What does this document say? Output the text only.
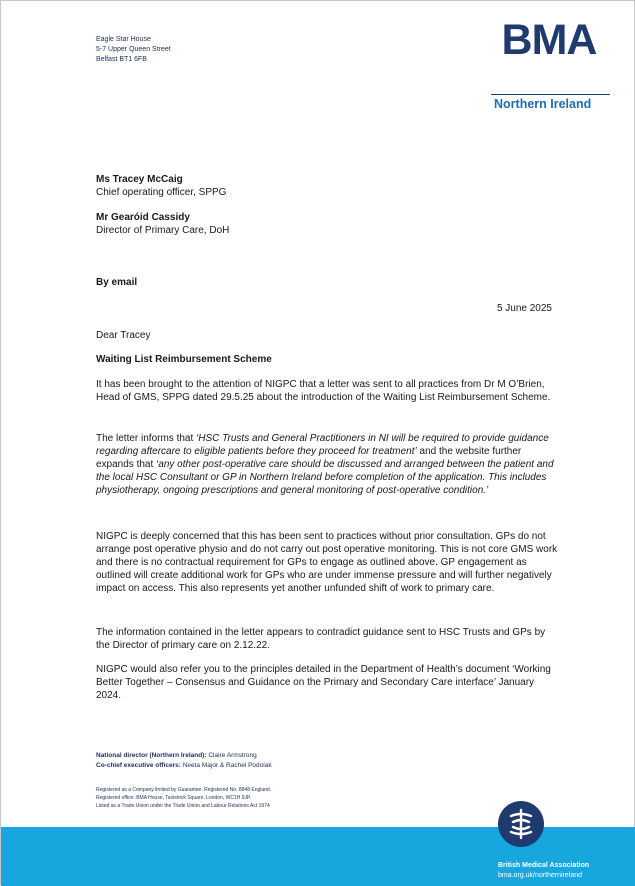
Eagle Star House
5-7 Upper Queen Street
Belfast BT1 6FB	BMA
Northern Ireland
Ms Tracey McCaig
Chief operating officer, SPPG
Mr Gearóid Cassidy
Director of Primary Care, DoH
By email
5 June 2025
Dear Tracey
Waiting List Reimbursement Scheme

It has been brought to the attention of NIGPC that a letter was sent to all practices from Dr M O’Brien, Head of GMS, SPPG dated 29.5.25 about the introduction of the Waiting List Reimbursement Scheme.

The letter informs that ‘HSC Trusts and General Practitioners in NI will be required to provide guidance regarding aftercare to eligible patients before they proceed for treatment’ and the website further expands that ‘any other post-operative care should be discussed and arranged between the patient and the local HSC Consultant or GP in Northern Ireland before completion of the application. This includes physiotherapy, ongoing prescriptions and general monitoring of post-operative condition.’

NIGPC is deeply concerned that this has been sent to practices without prior consultation. GPs do not arrange post operative physio and do not carry out post operative monitoring. This is not core GMS work and there is no contractual requirement for GPs to engage as outlined above. GP engagement as outlined will create additional work for GPs who are under immense pressure and will further negatively impact on access. This also represents yet another unfunded shift of work to primary care.

The information contained in the letter appears to contradict guidance sent to HSC Trusts and GPs by the Director of primary care on 2.12.22.

NIGPC would also refer you to the principles detailed in the Department of Health’s document ‘Working Better Together – Consensus and Guidance on the Primary and Secondary Care interface’ January 2024.

National director (Northern Ireland): Claire Armstrong
Co-chief executive officers: Neeta Major & Rachel Podolak
Registered as a Company limited by Guarantee. Registered No. 8848 England.
Registered office: BMA House, Tavistock Square, London, WC1H 9JP.
Listed as a Trade Union under the Trade Union and Labour Relations Act 1974
British Medical Association
bma.org.uk/northernireland
